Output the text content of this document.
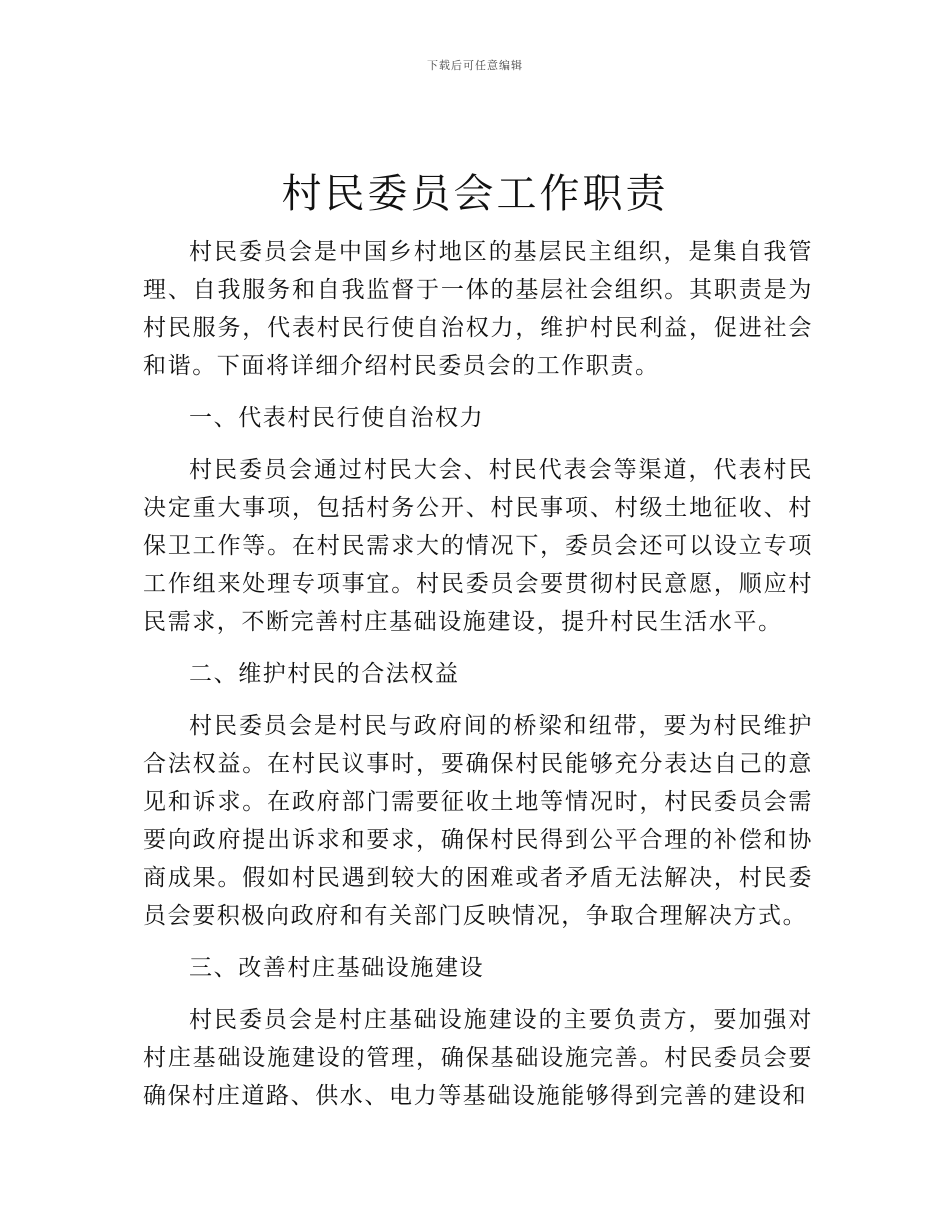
下载后可任意编辑
村民委员会工作职责

村民委员会是中国乡村地区的基层民主组织，是集自我管理、自我服务和自我监督于一体的基层社会组织。其职责是为村民服务，代表村民行使自治权力，维护村民利益，促进社会和谐。下面将详细介绍村民委员会的工作职责。

一、代表村民行使自治权力

村民委员会通过村民大会、村民代表会等渠道，代表村民决定重大事项，包括村务公开、村民事项、村级土地征收、村保卫工作等。在村民需求大的情况下，委员会还可以设立专项工作组来处理专项事宜。村民委员会要贯彻村民意愿，顺应村民需求，不断完善村庄基础设施建设，提升村民生活水平。

二、维护村民的合法权益

村民委员会是村民与政府间的桥梁和纽带，要为村民维护合法权益。在村民议事时，要确保村民能够充分表达自己的意见和诉求。在政府部门需要征收土地等情况时，村民委员会需要向政府提出诉求和要求，确保村民得到公平合理的补偿和协商成果。假如村民遇到较大的困难或者矛盾无法解决，村民委员会要积极向政府和有关部门反映情况，争取合理解决方式。

三、改善村庄基础设施建设

村民委员会是村庄基础设施建设的主要负责方，要加强对村庄基础设施建设的管理，确保基础设施完善。村民委员会要确保村庄道路、供水、电力等基础设施能够得到完善的建设和
